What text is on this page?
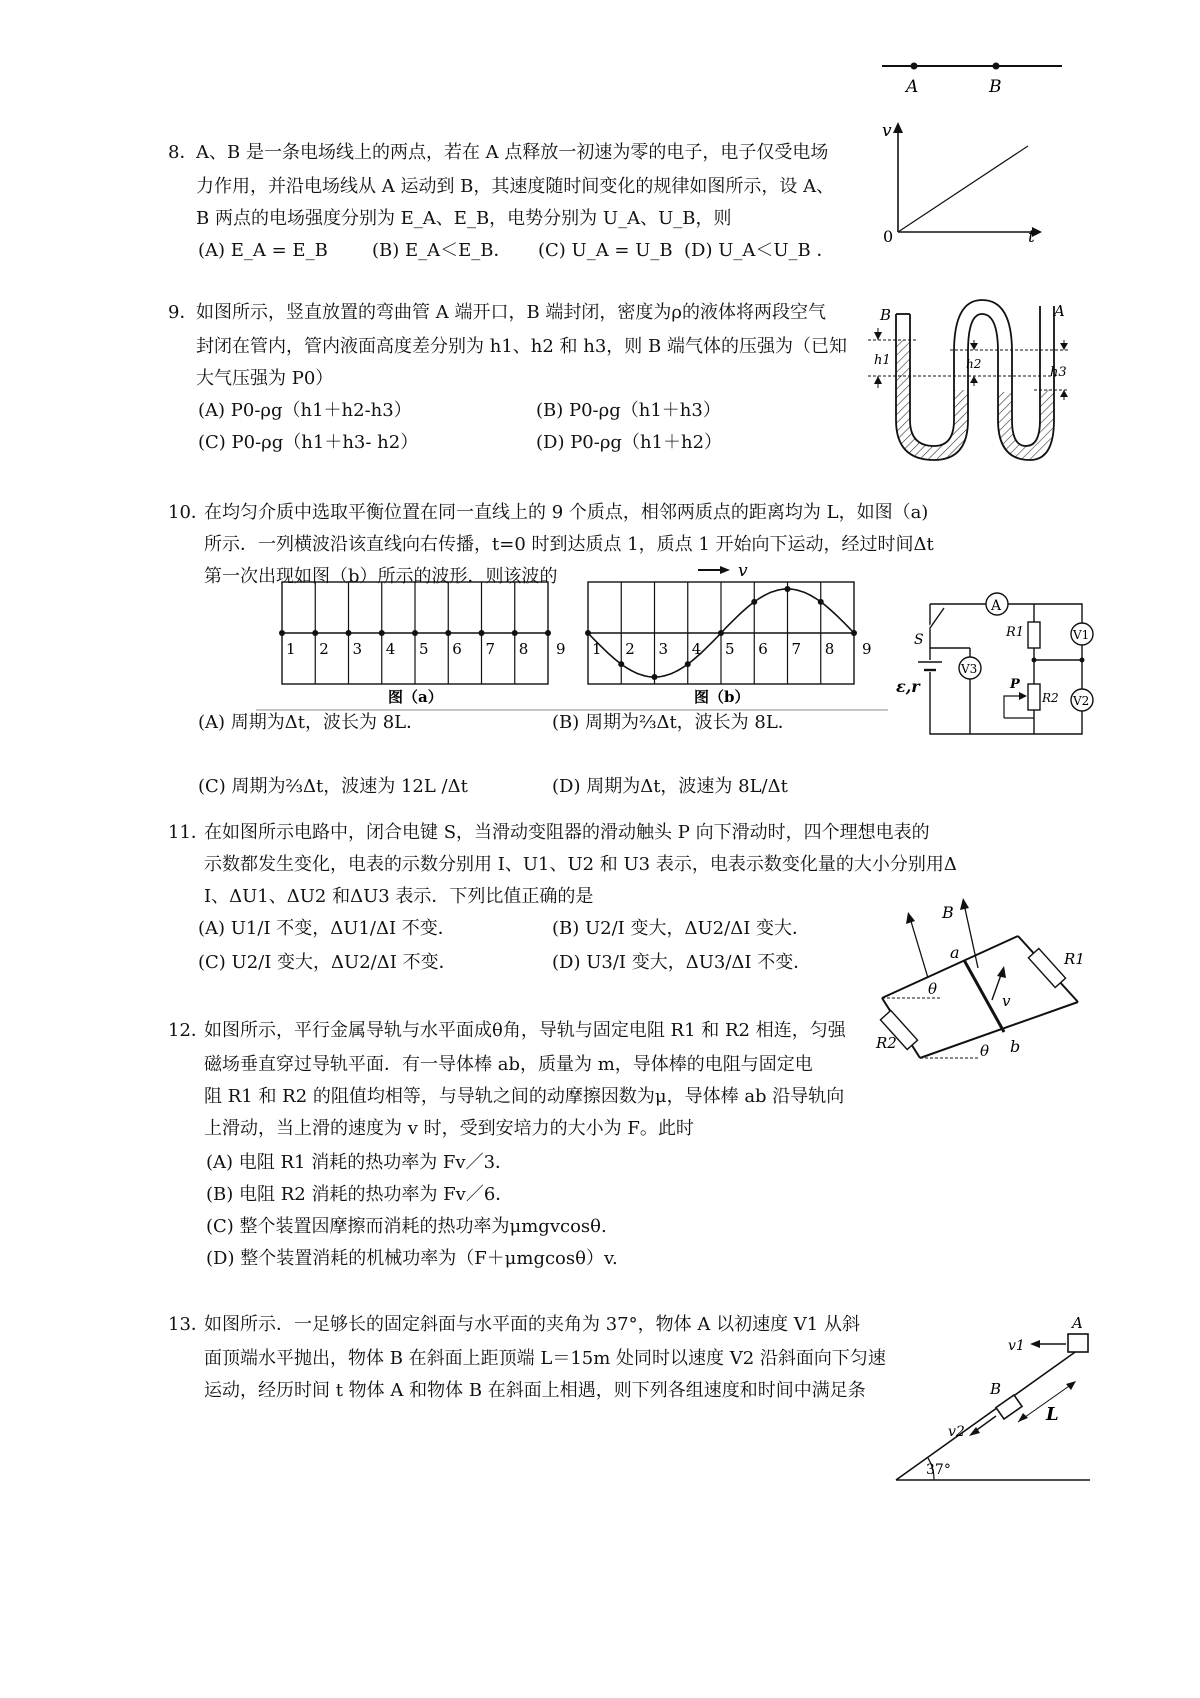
8．
A、B 是一条电场线上的两点，若在 A 点释放一初速为零的电子，电子仅受电场
力作用，并沿电场线从 A 运动到 B，其速度随时间变化的规律如图所示，设 A、
B 两点的电场强度分别为 E_A、E_B，电势分别为 U_A、U_B，则
(A) E_A = E_B (B) E_A＜E_B． (C) U_A = U_B (D) U_A＜U_B ．
A	B
v
t
0
9．
如图所示，竖直放置的弯曲管 A 端开口，B 端封闭，密度为ρ的液体将两段空气
封闭在管内，管内液面高度差分别为 h1、h2 和 h3，则 B 端气体的压强为（已知
大气压强为 P0）
(A) P0-ρg（h1＋h2-h3）	(B) P0-ρg（h1＋h3）
(C) P0-ρg（h1＋h3- h2）	(D) P0-ρg（h1＋h2）
A
B
h1	h2
h3
10．
在均匀介质中选取平衡位置在同一直线上的 9 个质点，相邻两质点的距离均为 L，如图（a)
所示．一列横波沿该直线向右传播，t=0 时到达质点 1，质点 1 开始向下运动，经过时间Δt
第一次出现如图（b）所示的波形．则该波的
1 2 3 4 5 6 7 8 9 1 2 3 4 5 6 7 8 9
v
图（a）	图（b）
(A) 周期为Δt，波长为 8L．	(B) 周期为⅔Δt，波长为 8L．
(C) 周期为⅔Δt，波速为 12L /Δt	(D) 周期为Δt，波速为 8L/Δt
A
S
ε,r
V3
R1
R2
P
V1
V2
11．
在如图所示电路中，闭合电键 S，当滑动变阻器的滑动触头 P 向下滑动时，四个理想电表的
示数都发生变化，电表的示数分别用 I、U1、U2 和 U3 表示，电表示数变化量的大小分别用Δ
I、ΔU1、ΔU2 和ΔU3 表示．下列比值正确的是
(A) U1/I 不变，ΔU1/ΔI 不变．	(B) U2/I 变大，ΔU2/ΔI 变大．
(C) U2/I 变大，ΔU2/ΔI 不变．	(D) U3/I 变大，ΔU3/ΔI 不变．
B
a
b
R1
R2
θ
θ
v
12．
如图所示，平行金属导轨与水平面成θ角，导轨与固定电阻 R1 和 R2 相连，匀强
磁场垂直穿过导轨平面．有一导体棒 ab，质量为 m，导体棒的电阻与固定电
阻 R1 和 R2 的阻值均相等，与导轨之间的动摩擦因数为μ，导体棒 ab 沿导轨向
上滑动，当上滑的速度为 v 时，受到安培力的大小为 F。此时
(A) 电阻 R1 消耗的热功率为 Fv／3．
(B) 电阻 R2 消耗的热功率为 Fv／6．
(C) 整个装置因摩擦而消耗的热功率为μmgvcosθ.
(D) 整个装置消耗的机械功率为（F＋μmgcosθ）v.
13．
如图所示．一足够长的固定斜面与水平面的夹角为 37°，物体 A 以初速度 V1 从斜
面顶端水平抛出，物体 B 在斜面上距顶端 L＝15m 处同时以速度 V2 沿斜面向下匀速
运动，经历时间 t 物体 A 和物体 B 在斜面上相遇，则下列各组速度和时间中满足条
A
B
v1
v2
L
37°
